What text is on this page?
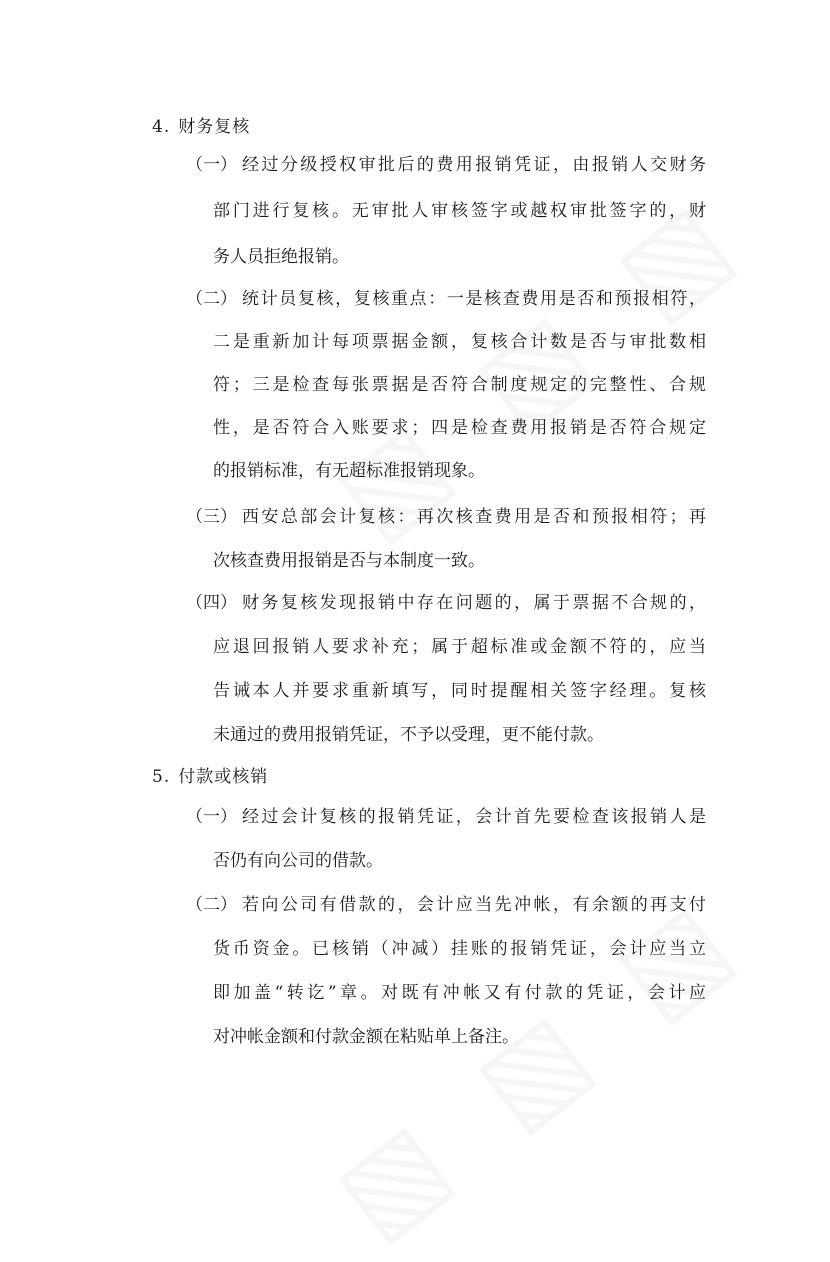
4. 财务复核
（一） 经过分级授权审批后的费用报销凭证，由报销人交财务
部门进行复核。无审批人审核签字或越权审批签字的，财
务人员拒绝报销。
（二） 统计员复核，复核重点：一是核查费用是否和预报相符，
二是重新加计每项票据金额，复核合计数是否与审批数相
符；三是检查每张票据是否符合制度规定的完整性、合规
性，是否符合入账要求；四是检查费用报销是否符合规定
的报销标准，有无超标准报销现象。
（三） 西安总部会计复核：再次核查费用是否和预报相符；再
次核查费用报销是否与本制度一致。
（四） 财务复核发现报销中存在问题的，属于票据不合规的，
应退回报销人要求补充；属于超标准或金额不符的，应当
告诫本人并要求重新填写，同时提醒相关签字经理。复核
未通过的费用报销凭证，不予以受理，更不能付款。
5. 付款或核销
（一） 经过会计复核的报销凭证，会计首先要检查该报销人是
否仍有向公司的借款。
（二） 若向公司有借款的，会计应当先冲帐，有余额的再支付
货币资金。已核销（冲减）挂账的报销凭证，会计应当立
即加盖“转讫”章。对既有冲帐又有付款的凭证，会计应
对冲帐金额和付款金额在粘贴单上备注。
